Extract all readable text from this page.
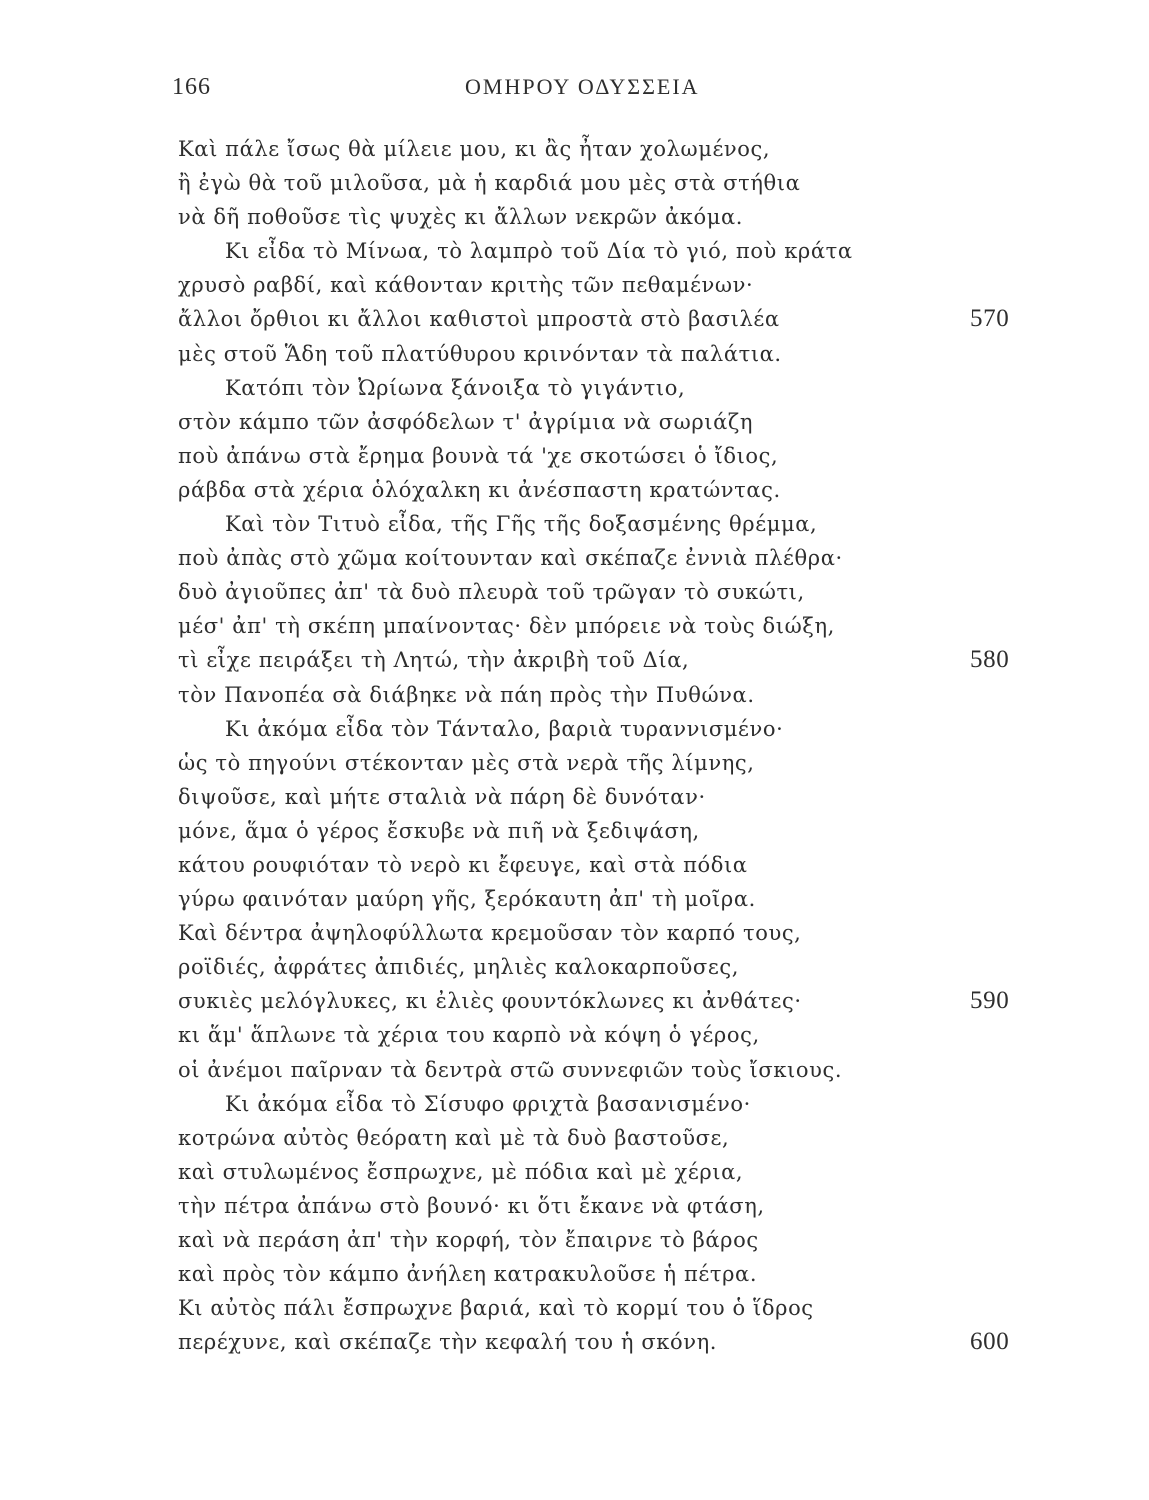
166	ΟΜΗΡΟΥ ΟΔΥΣΣΕΙΑ
Καὶ πάλε ἴσως θὰ μίλειε μου, κι ἂς ἦταν χολωμένος,
ἢ ἐγὼ θὰ τοῦ μιλοῦσα, μὰ ἡ καρδιά μου μὲς στὰ στήθια
νὰ δῆ ποθοῦσε τὶς ψυχὲς κι ἄλλων νεκρῶν ἀκόμα.
Κι εἶδα τὸ Μίνωα, τὸ λαμπρὸ τοῦ Δία τὸ γιό, ποὺ κράτα
χρυσὸ ραβδί, καὶ κάθονταν κριτὴς τῶν πεθαμένων·
ἄλλοι ὄρθιοι κι ἄλλοι καθιστοὶ μπροστὰ στὸ βασιλέα	570
μὲς στοῦ Ἅδη τοῦ πλατύθυρου κρινόνταν τὰ παλάτια.
Κατόπι τὸν Ὠρίωνα ξάνοιξα τὸ γιγάντιο,
στὸν κάμπο τῶν ἀσφόδελων τ' ἀγρίμια νὰ σωριάζη
ποὺ ἀπάνω στὰ ἔρημα βουνὰ τά 'χε σκοτώσει ὁ ἴδιος,
ράβδα στὰ χέρια ὁλόχαλκη κι ἀνέσπαστη κρατώντας.
Καὶ τὸν Τιτυὸ εἶδα, τῆς Γῆς τῆς δοξασμένης θρέμμα,
ποὺ ἀπὰς στὸ χῶμα κοίτουνταν καὶ σκέπαζε ἐννιὰ πλέθρα·
δυὸ ἀγιοῦπες ἀπ' τὰ δυὸ πλευρὰ τοῦ τρῶγαν τὸ συκώτι,
μέσ' ἀπ' τὴ σκέπη μπαίνοντας· δὲν μπόρειε νὰ τοὺς διώξη,
τὶ εἶχε πειράξει τὴ Λητώ, τὴν ἀκριβὴ τοῦ Δία,	580
τὸν Πανοπέα σὰ διάβηκε νὰ πάη πρὸς τὴν Πυθώνα.
Κι ἀκόμα εἶδα τὸν Τάνταλο, βαριὰ τυραννισμένο·
ὡς τὸ πηγούνι στέκονταν μὲς στὰ νερὰ τῆς λίμνης,
διψοῦσε, καὶ μήτε σταλιὰ νὰ πάρη δὲ δυνόταν·
μόνε, ἅμα ὁ γέρος ἔσκυβε νὰ πιῆ νὰ ξεδιψάση,
κάτου ρουφιόταν τὸ νερὸ κι ἔφευγε, καὶ στὰ πόδια
γύρω φαινόταν μαύρη γῆς, ξερόκαυτη ἀπ' τὴ μοῖρα.
Καὶ δέντρα ἀψηλοφύλλωτα κρεμοῦσαν τὸν καρπό τους,
ροϊδιές, ἀφράτες ἀπιδιές, μηλιὲς καλοκαρποῦσες,
συκιὲς μελόγλυκες, κι ἐλιὲς φουντόκλωνες κι ἀνθάτες·	590
κι ἅμ' ἅπλωνε τὰ χέρια του καρπὸ νὰ κόψη ὁ γέρος,
οἱ ἀνέμοι παῖρναν τὰ δεντρὰ στῶ συννεφιῶν τοὺς ἴσκιους.
Κι ἀκόμα εἶδα τὸ Σίσυφο φριχτὰ βασανισμένο·
κοτρώνα αὐτὸς θεόρατη καὶ μὲ τὰ δυὸ βαστοῦσε,
καὶ στυλωμένος ἔσπρωχνε, μὲ πόδια καὶ μὲ χέρια,
τὴν πέτρα ἀπάνω στὸ βουνό· κι ὅτι ἔκανε νὰ φτάση,
καὶ νὰ περάση ἀπ' τὴν κορφή, τὸν ἔπαιρνε τὸ βάρος
καὶ πρὸς τὸν κάμπο ἀνήλεη κατρακυλοῦσε ἡ πέτρα.
Κι αὐτὸς πάλι ἔσπρωχνε βαριά, καὶ τὸ κορμί του ὁ ἵδρος
περέχυνε, καὶ σκέπαζε τὴν κεφαλή του ἡ σκόνη.	600
